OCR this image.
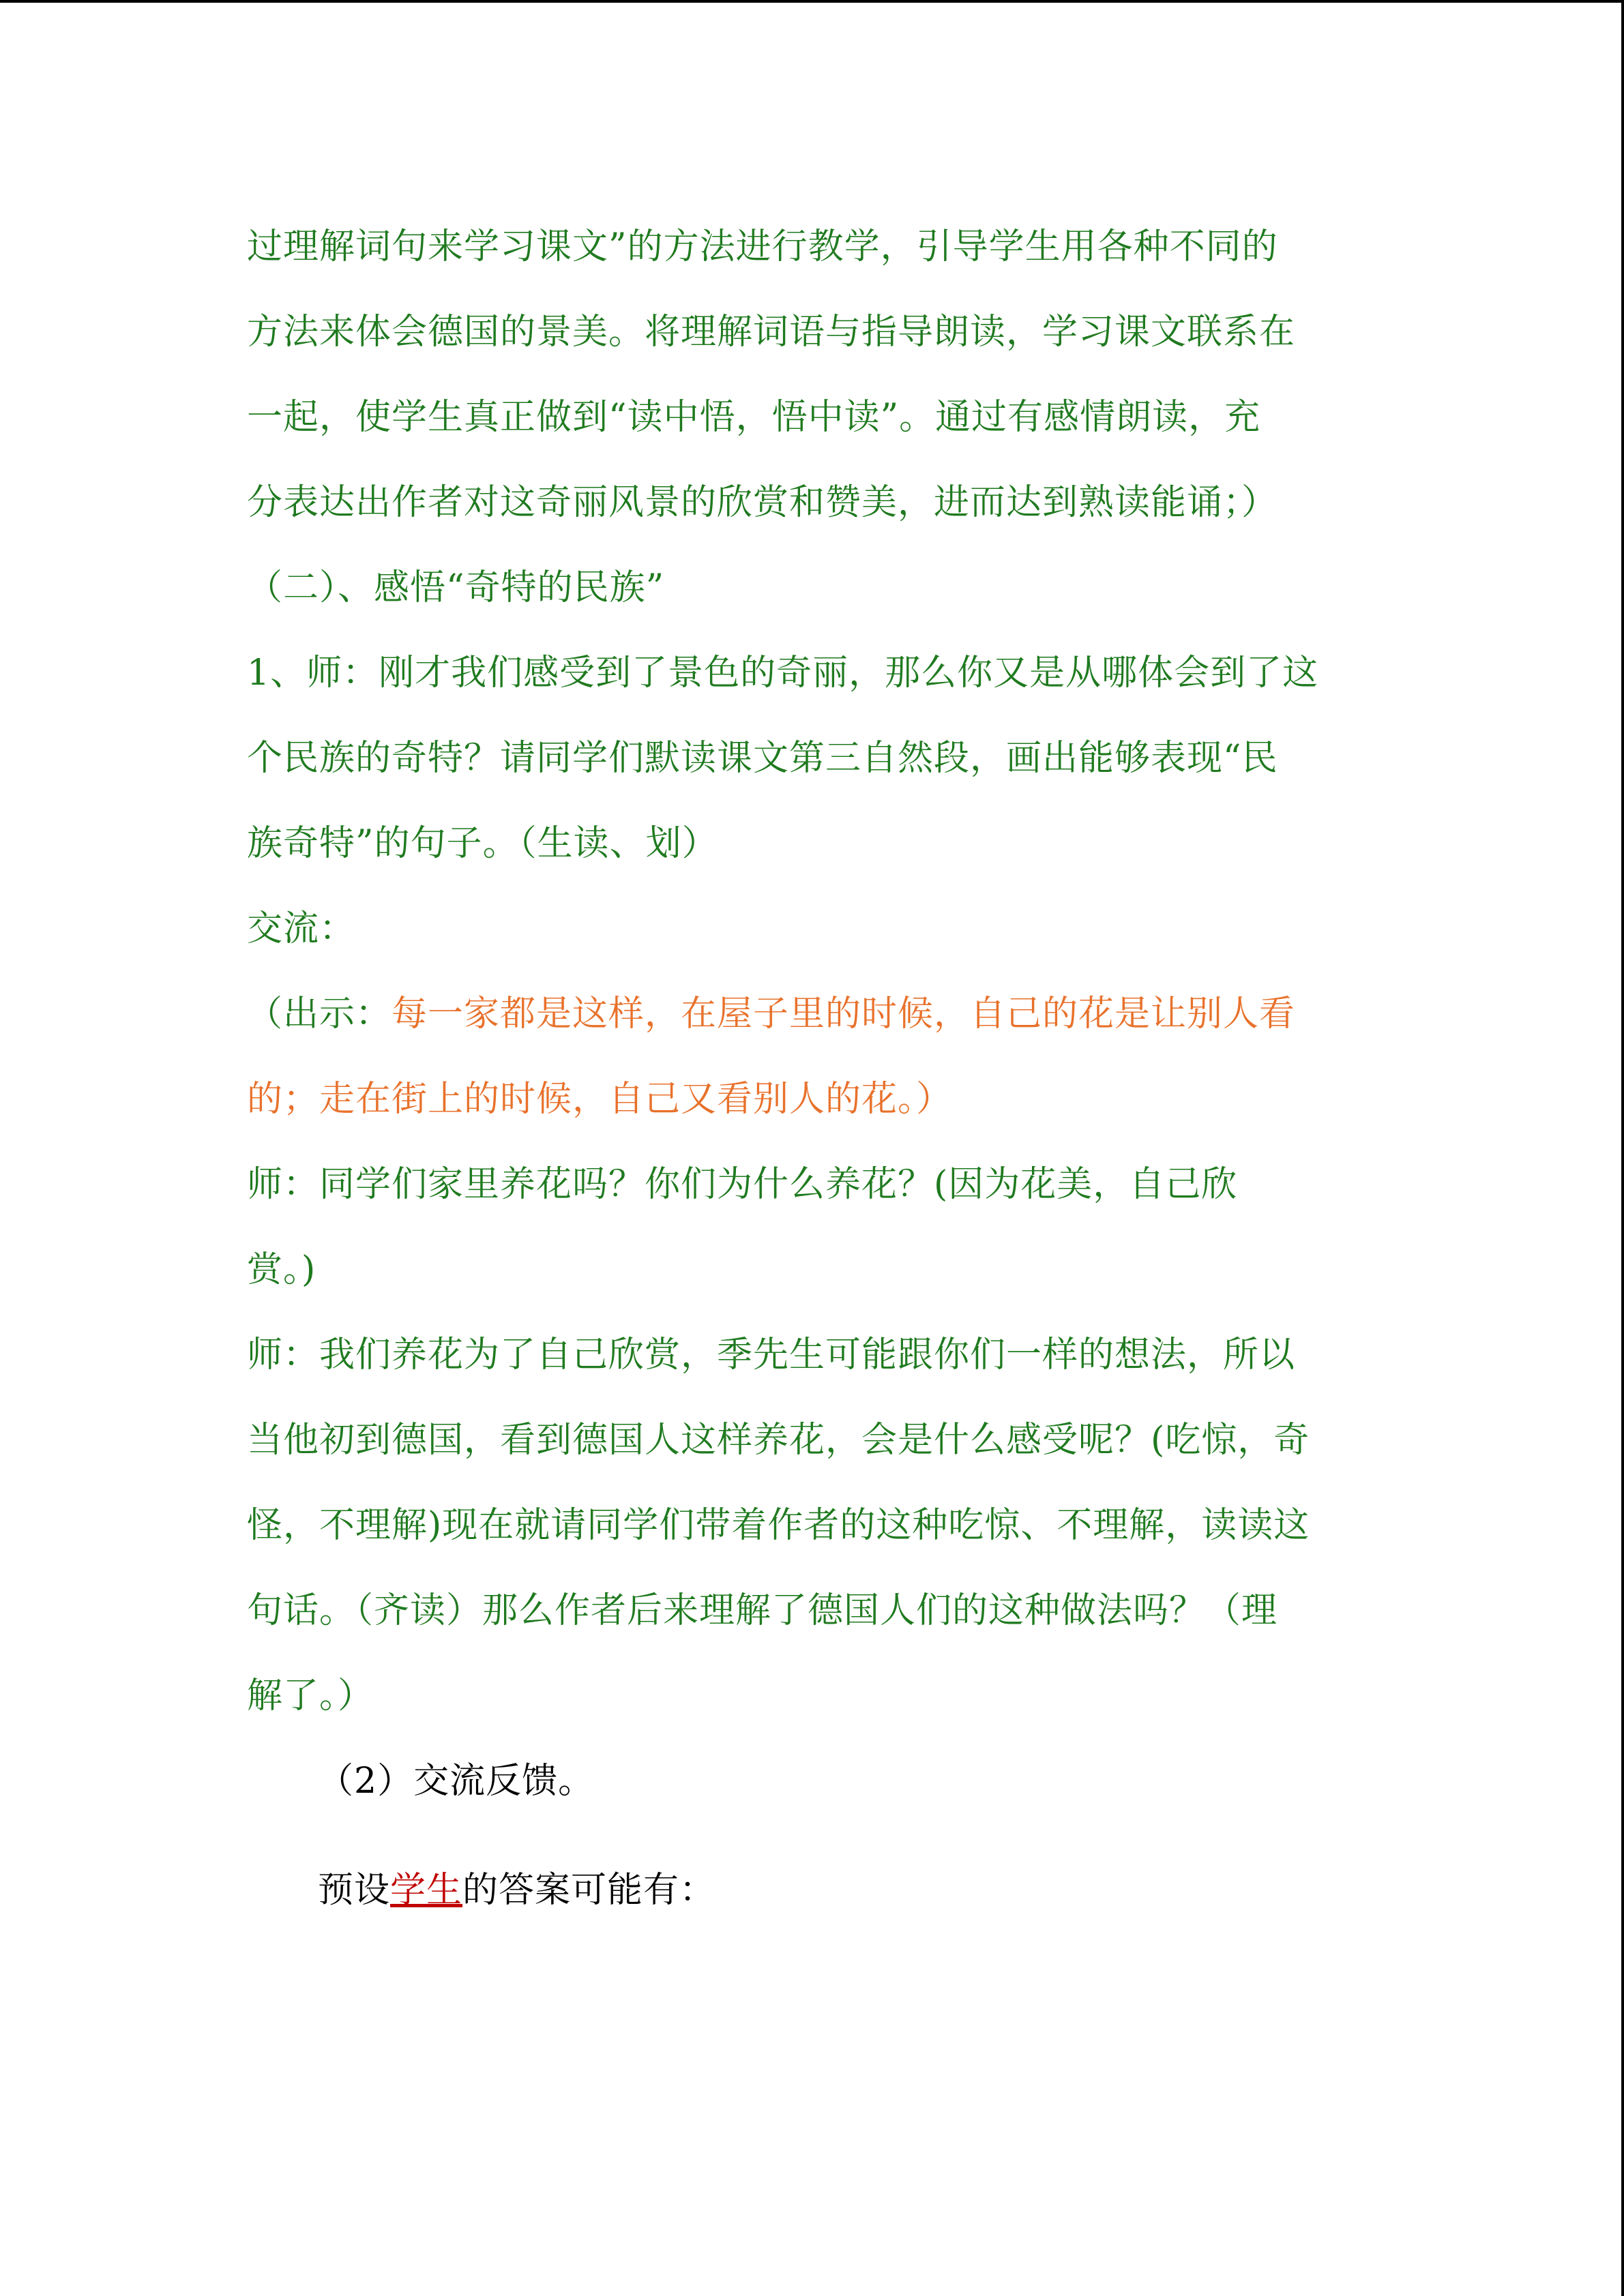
过理解词句来学习课文”的方法进行教学，引导学生用各种不同的
方法来体会德国的景美。将理解词语与指导朗读，学习课文联系在
一起，使学生真正做到“读中悟，悟中读”。通过有感情朗读，充
分表达出作者对这奇丽风景的欣赏和赞美，进而达到熟读能诵；）
（二）、感悟“奇特的民族”
1、师：刚才我们感受到了景色的奇丽，那么你又是从哪体会到了这
个民族的奇特？请同学们默读课文第三自然段，画出能够表现“民
族奇特”的句子。（生读、划）
交流：
（出示：每一家都是这样，在屋子里的时候，自己的花是让别人看
的；走在街上的时候，自己又看别人的花。）
师：同学们家里养花吗？你们为什么养花？(因为花美，自己欣
赏。)
师：我们养花为了自己欣赏，季先生可能跟你们一样的想法，所以
当他初到德国，看到德国人这样养花，会是什么感受呢？(吃惊，奇
怪，不理解)现在就请同学们带着作者的这种吃惊、不理解，读读这
句话。（齐读）那么作者后来理解了德国人们的这种做法吗？（理
解了。）
（2）交流反馈。
预设学生的答案可能有：
